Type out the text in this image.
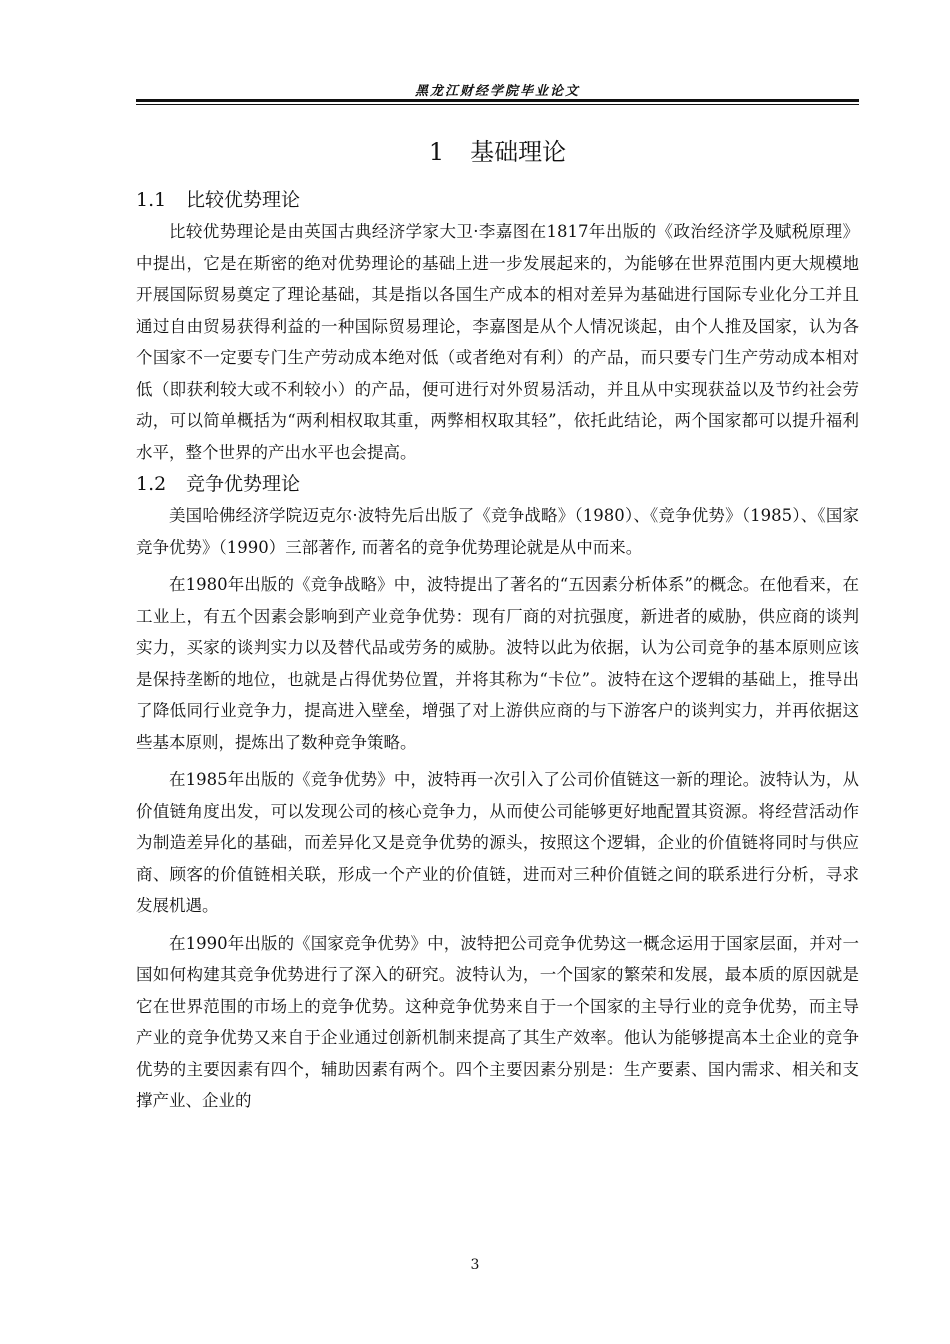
黑龙江财经学院毕业论文
1 基础理论
1.1 比较优势理论

比较优势理论是由英国古典经济学家大卫·李嘉图在1817年出版的《政治经济学及赋税原理》中提出，它是在斯密的绝对优势理论的基础上进一步发展起来的，为能够在世界范围内更大规模地开展国际贸易奠定了理论基础，其是指以各国生产成本的相对差异为基础进行国际专业化分工并且通过自由贸易获得利益的一种国际贸易理论，李嘉图是从个人情况谈起，由个人推及国家，认为各个国家不一定要专门生产劳动成本绝对低（或者绝对有利）的产品，而只要专门生产劳动成本相对低（即获利较大或不利较小）的产品，便可进行对外贸易活动，并且从中实现获益以及节约社会劳动，可以简单概括为“两利相权取其重，两弊相权取其轻”，依托此结论，两个国家都可以提升福利水平，整个世界的产出水平也会提高。

1.2 竞争优势理论

美国哈佛经济学院迈克尔·波特先后出版了《竞争战略》（1980）、《竞争优势》（1985）、《国家竞争优势》（1990）三部著作, 而著名的竞争优势理论就是从中而来。

在1980年出版的《竞争战略》中，波特提出了著名的“五因素分析体系”的概念。在他看来，在工业上，有五个因素会影响到产业竞争优势：现有厂商的对抗强度，新进者的威胁，供应商的谈判实力，买家的谈判实力以及替代品或劳务的威胁。波特以此为依据，认为公司竞争的基本原则应该是保持垄断的地位，也就是占得优势位置，并将其称为“卡位”。波特在这个逻辑的基础上，推导出了降低同行业竞争力，提高进入壁垒，增强了对上游供应商的与下游客户的谈判实力，并再依据这些基本原则，提炼出了数种竞争策略。

在1985年出版的《竞争优势》中，波特再一次引入了公司价值链这一新的理论。波特认为，从价值链角度出发，可以发现公司的核心竞争力，从而使公司能够更好地配置其资源。将经营活动作为制造差异化的基础，而差异化又是竞争优势的源头，按照这个逻辑，企业的价值链将同时与供应商、顾客的价值链相关联，形成一个产业的价值链，进而对三种价值链之间的联系进行分析，寻求发展机遇。

在1990年出版的《国家竞争优势》中，波特把公司竞争优势这一概念运用于国家层面，并对一国如何构建其竞争优势进行了深入的研究。波特认为，一个国家的繁荣和发展，最本质的原因就是它在世界范围的市场上的竞争优势。这种竞争优势来自于一个国家的主导行业的竞争优势，而主导产业的竞争优势又来自于企业通过创新机制来提高了其生产效率。他认为能够提高本土企业的竞争优势的主要因素有四个，辅助因素有两个。四个主要因素分别是：生产要素、国内需求、相关和支撑产业、企业的

3
